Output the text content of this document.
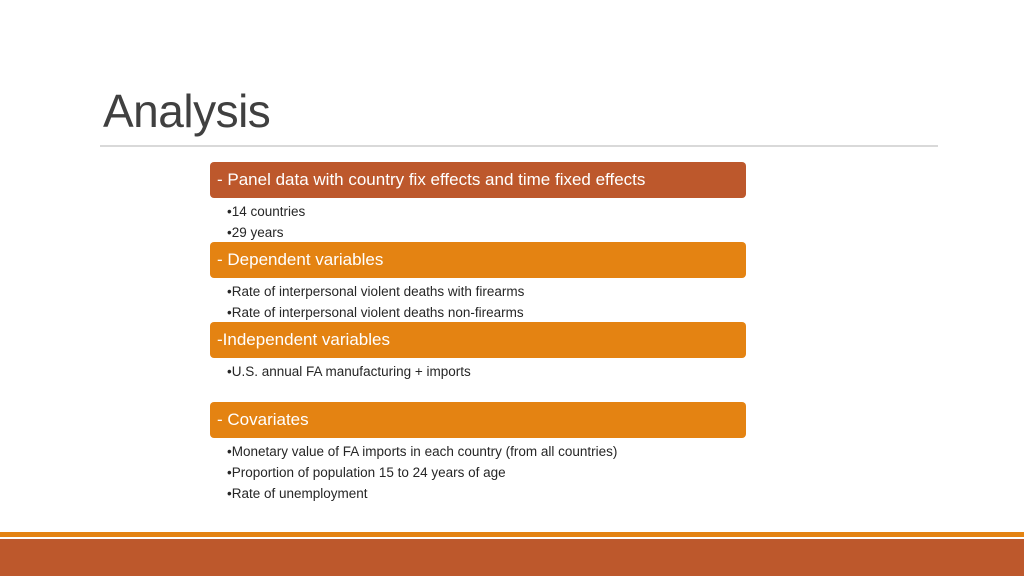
Analysis
- Panel data with country fix effects and time fixed effects
• 14 countries
• 29 years
- Dependent variables
• Rate of interpersonal violent deaths with firearms
• Rate of interpersonal violent deaths non-firearms
-Independent variables
• U.S. annual FA manufacturing + imports
- Covariates
• Monetary value of FA imports in each country (from all countries)
• Proportion of population 15 to 24 years of age
• Rate of unemployment
